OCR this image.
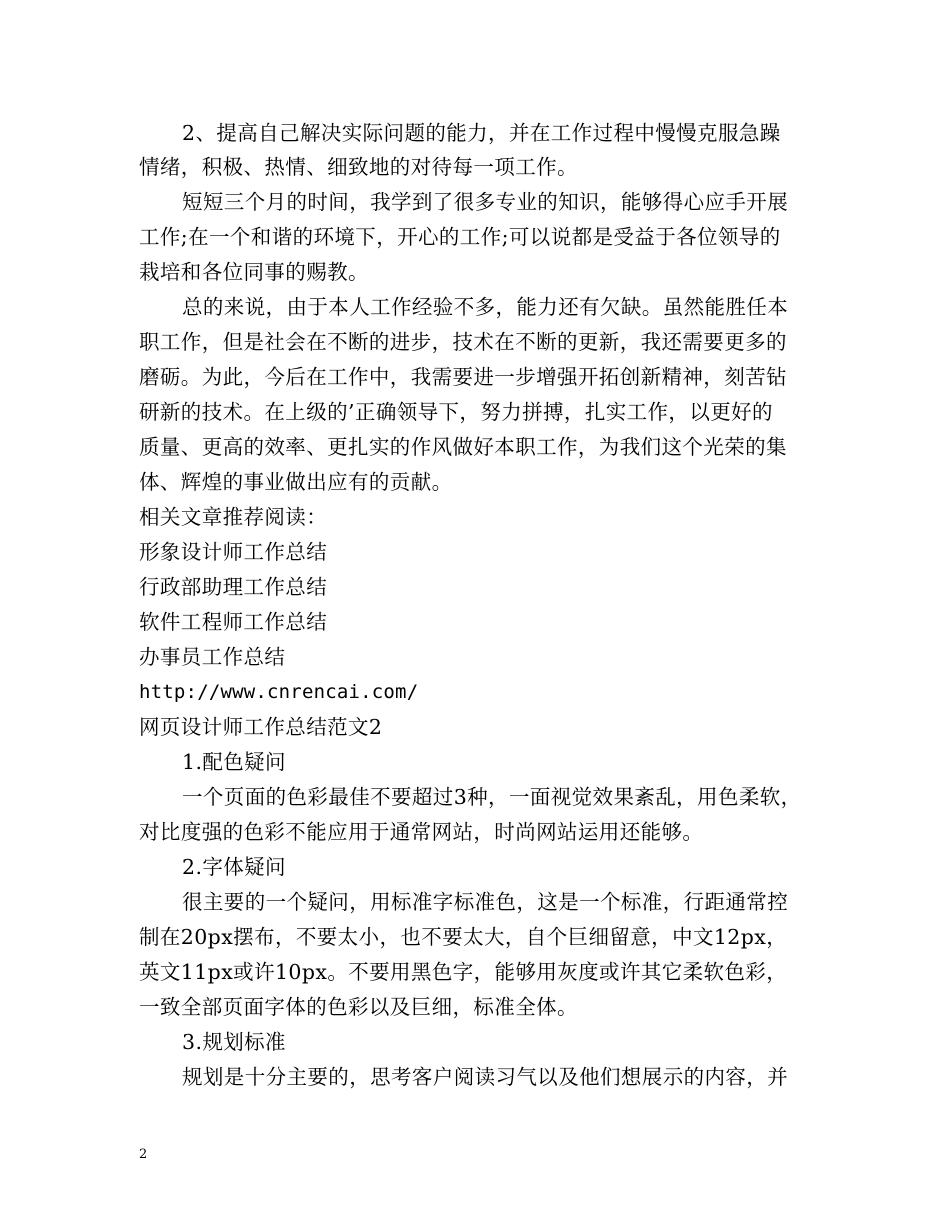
2、提高自己解决实际问题的能力，并在工作过程中慢慢克服急躁
情绪，积极、热情、细致地的对待每一项工作。
短短三个月的时间，我学到了很多专业的知识，能够得心应手开展
工作;在一个和谐的环境下，开心的工作;可以说都是受益于各位领导的
栽培和各位同事的赐教。
总的来说，由于本人工作经验不多，能力还有欠缺。虽然能胜任本
职工作，但是社会在不断的进步，技术在不断的更新，我还需要更多的
磨砺。为此，今后在工作中，我需要进一步增强开拓创新精神，刻苦钻
研新的技术。在上级的’正确领导下，努力拼搏，扎实工作，以更好的
质量、更高的效率、更扎实的作风做好本职工作，为我们这个光荣的集
体、辉煌的事业做出应有的贡献。
相关文章推荐阅读：
形象设计师工作总结
行政部助理工作总结
软件工程师工作总结
办事员工作总结
http://www.cnrencai.com/
网页设计师工作总结范文2
1.配色疑问
一个页面的色彩最佳不要超过3种，一面视觉效果紊乱，用色柔软，
对比度强的色彩不能应用于通常网站，时尚网站运用还能够。
2.字体疑问
很主要的一个疑问，用标准字标准色，这是一个标准，行距通常控
制在20px摆布，不要太小，也不要太大，自个巨细留意，中文12px，
英文11px或许10px。不要用黑色字，能够用灰度或许其它柔软色彩，
一致全部页面字体的色彩以及巨细，标准全体。
3.规划标准
规划是十分主要的，思考客户阅读习气以及他们想展示的内容，并
2
